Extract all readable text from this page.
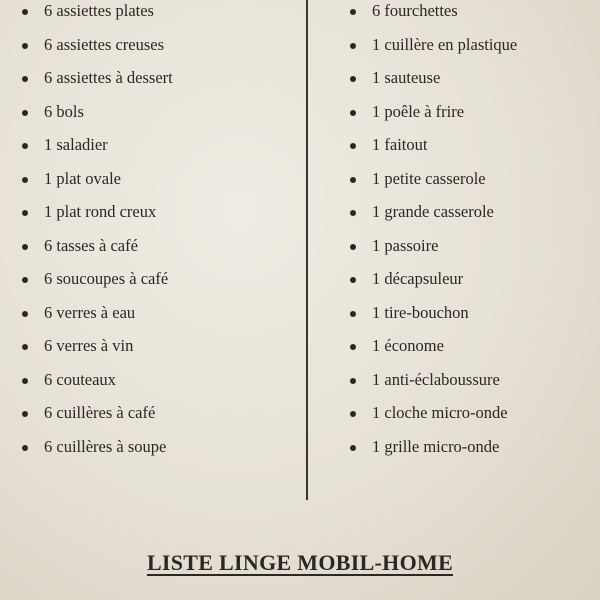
6 assiettes plates
6 assiettes creuses
6 assiettes à dessert
6 bols
1 saladier
1 plat ovale
1 plat rond creux
6 tasses à café
6 soucoupes à café
6 verres à eau
6 verres à vin
6 couteaux
6 cuillères à café
6 cuillères à soupe
6 fourchettes
1 cuillère en plastique
1 sauteuse
1 poêle à frire
1 faitout
1 petite casserole
1 grande casserole
1 passoire
1 décapsuleur
1 tire-bouchon
1 économe
1 anti-éclaboussure
1 cloche micro-onde
1 grille micro-onde
LISTE LINGE MOBIL-HOME
